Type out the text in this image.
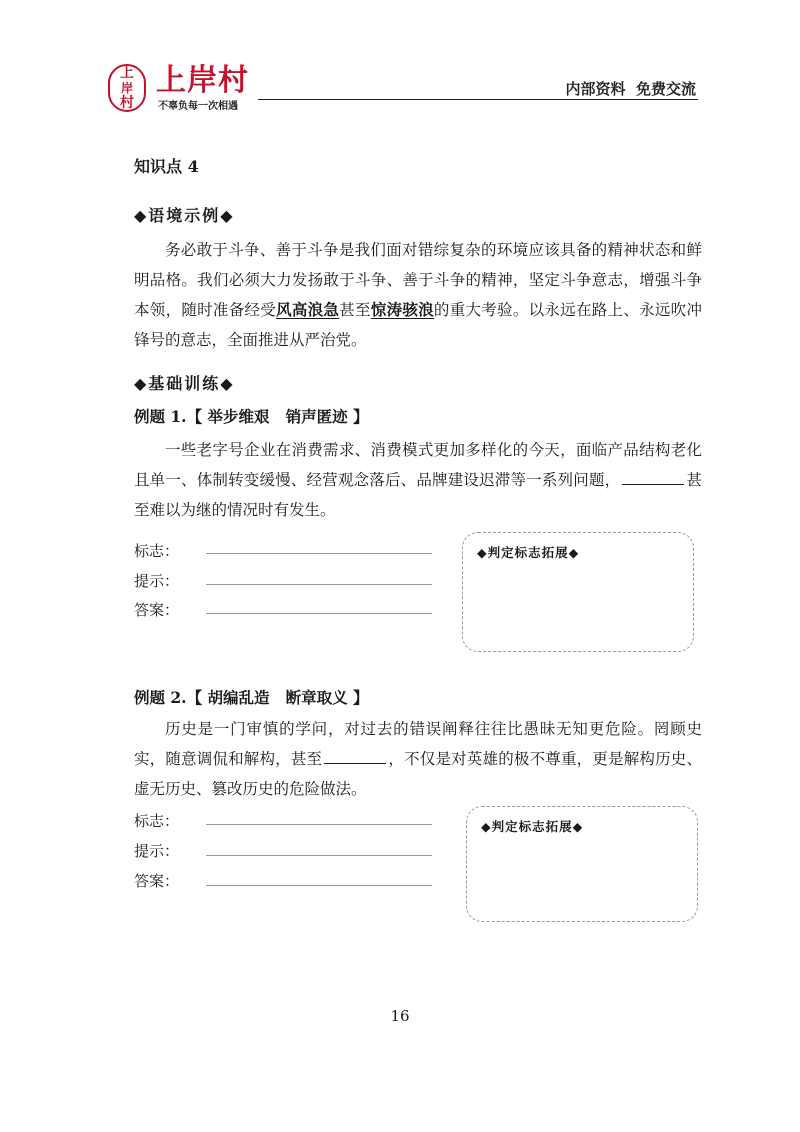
上
岸
村
上岸村
不辜负每一次相遇
内部资料  免费交流
知识点 4
◆语境示例◆
务必敢于斗争、善于斗争是我们面对错综复杂的环境应该具备的精神状态和鲜明品格。我们必须大力发扬敢于斗争、善于斗争的精神，坚定斗争意志，增强斗争本领，随时准备经受风高浪急甚至惊涛骇浪的重大考验。以永远在路上、永远吹冲锋号的意志，全面推进从严治党。
◆基础训练◆
例题 1.【 举步维艰   销声匿迹 】
一些老字号企业在消费需求、消费模式更加多样化的今天，面临产品结构老化且单一、体制转变缓慢、经营观念落后、品牌建设迟滞等一系列问题，	甚至难以为继的情况时有发生。
标志：
提示：
答案：
◆判定标志拓展◆
例题 2.【 胡编乱造   断章取义 】
历史是一门审慎的学问，对过去的错误阐释往往比愚昧无知更危险。罔顾史实，随意调侃和解构，甚至	，不仅是对英雄的极不尊重，更是解构历史、虚无历史、篡改历史的危险做法。
标志：
提示：
答案：
◆判定标志拓展◆
16
